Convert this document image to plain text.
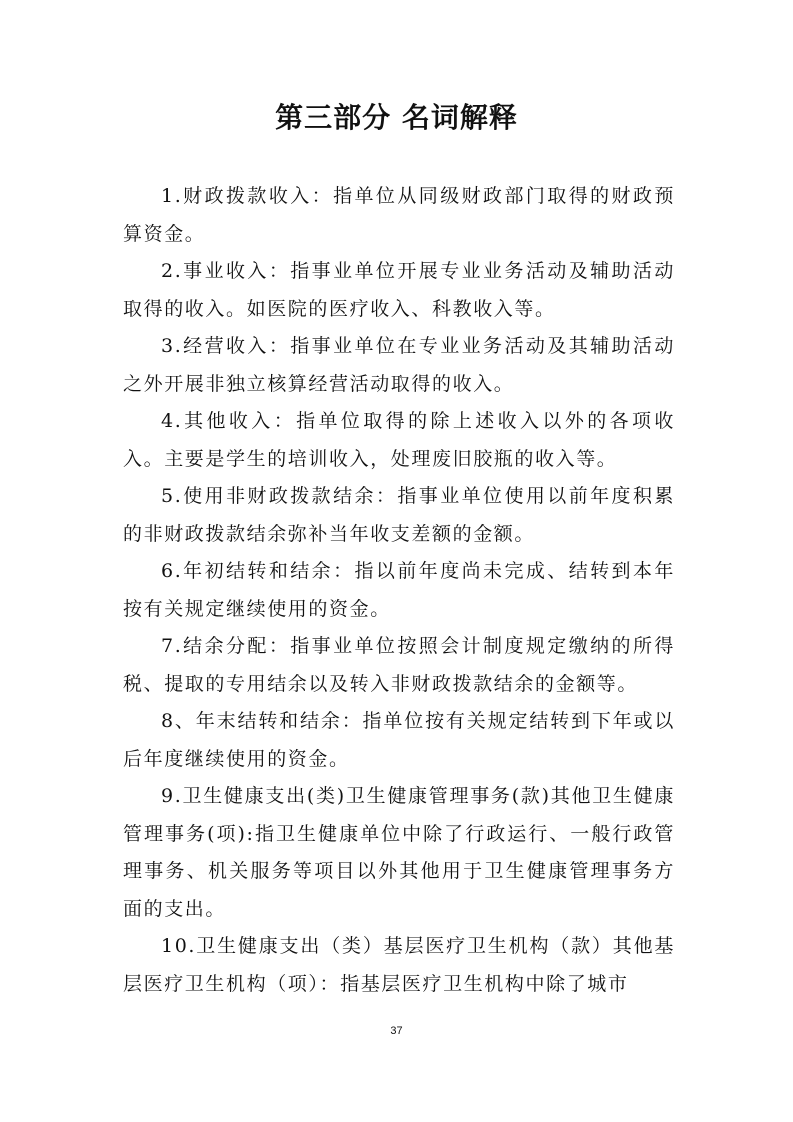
第三部分 名词解释

1.财政拨款收入：指单位从同级财政部门取得的财政预算资金。

2.事业收入：指事业单位开展专业业务活动及辅助活动取得的收入。如医院的医疗收入、科教收入等。

3.经营收入：指事业单位在专业业务活动及其辅助活动之外开展非独立核算经营活动取得的收入。

4.其他收入：指单位取得的除上述收入以外的各项收入。主要是学生的培训收入，处理废旧胶瓶的收入等。

5.使用非财政拨款结余：指事业单位使用以前年度积累的非财政拨款结余弥补当年收支差额的金额。

6.年初结转和结余：指以前年度尚未完成、结转到本年按有关规定继续使用的资金。

7.结余分配：指事业单位按照会计制度规定缴纳的所得税、提取的专用结余以及转入非财政拨款结余的金额等。

8、年末结转和结余：指单位按有关规定结转到下年或以后年度继续使用的资金。

9.卫生健康支出(类)卫生健康管理事务(款)其他卫生健康管理事务(项):指卫生健康单位中除了行政运行、一般行政管理事务、机关服务等项目以外其他用于卫生健康管理事务方面的支出。

10.卫生健康支出（类）基层医疗卫生机构（款）其他基层医疗卫生机构（项）：指基层医疗卫生机构中除了城市

37
